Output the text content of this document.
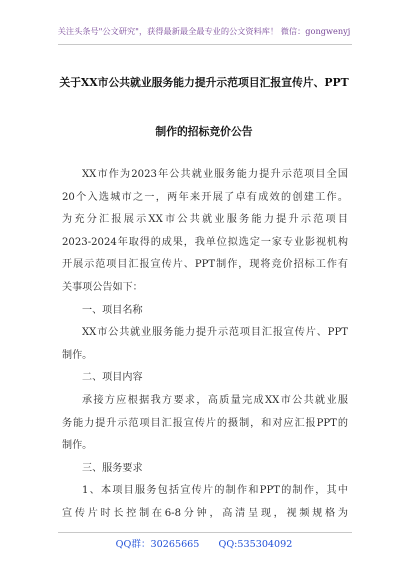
关注头条号"公文研究"，获得最新最全最专业的公文资料库！ 微信：gongwenyj
关于XX市公共就业服务能力提升示范项目汇报宣传片、PPT
制作的招标竞价公告
XX市作为2023年公共就业服务能力提升示范项目全国
20个入选城市之一，两年来开展了卓有成效的创建工作。
为充分汇报展示XX市公共就业服务能力提升示范项目
2023-2024年取得的成果，我单位拟选定一家专业影视机构
开展示范项目汇报宣传片、PPT制作，现将竞价招标工作有
关事项公告如下：
一、项目名称
XX市公共就业服务能力提升示范项目汇报宣传片、PPT
制作。
二、项目内容
承接方应根据我方要求，高质量完成XX市公共就业服
务能力提升示范项目汇报宣传片的摄制，和对应汇报PPT的
制作。
三、服务要求
1、本项目服务包括宣传片的制作和PPT的制作，其中
宣传片时长控制在6-8分钟，高清呈现，视频规格为
QQ群：30265665 QQ:535304092
